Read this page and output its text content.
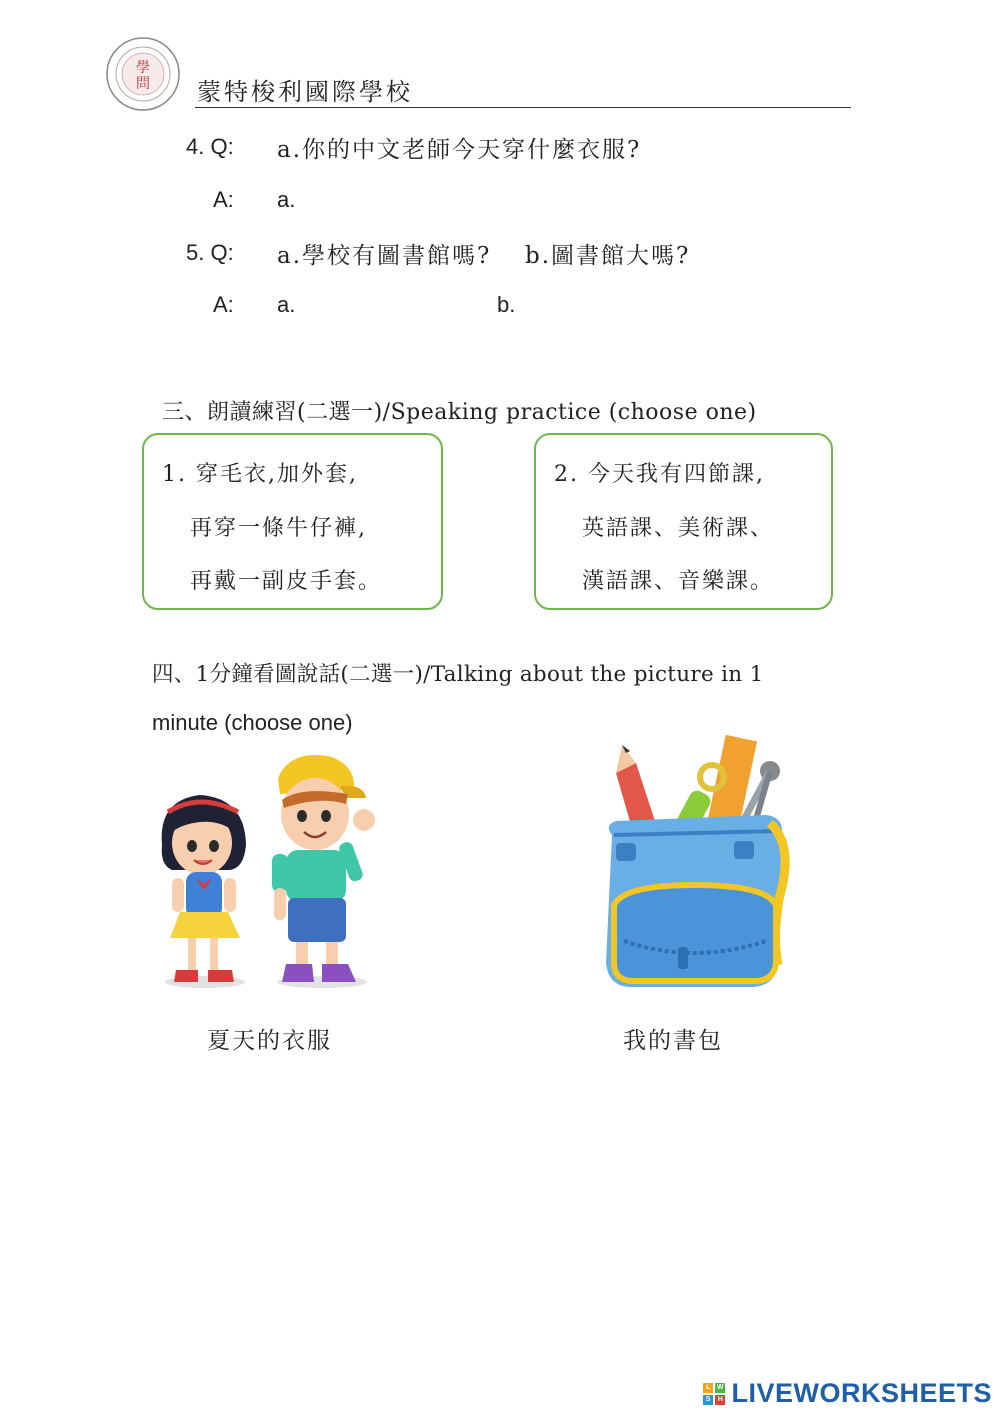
學
問 蒙特梭利國際學校
4. Q: a.你的中文老師今天穿什麼衣服?
A: a.
5. Q: a.學校有圖書館嗎? b.圖書館大嗎?
A: a.	b.
三、朗讀練習(二選一)/Speaking practice (choose one)
1. 穿毛衣,加外套,
再穿一條牛仔褲,
再戴一副皮手套。
2. 今天我有四節課,
英語課、美術課、
漢語課、音樂課。
四、1分鐘看圖說話(二選一)/Talking about the picture in 1
minute (choose one)
夏天的衣服	我的書包
L W
S H LIVEWORKSHEETS
